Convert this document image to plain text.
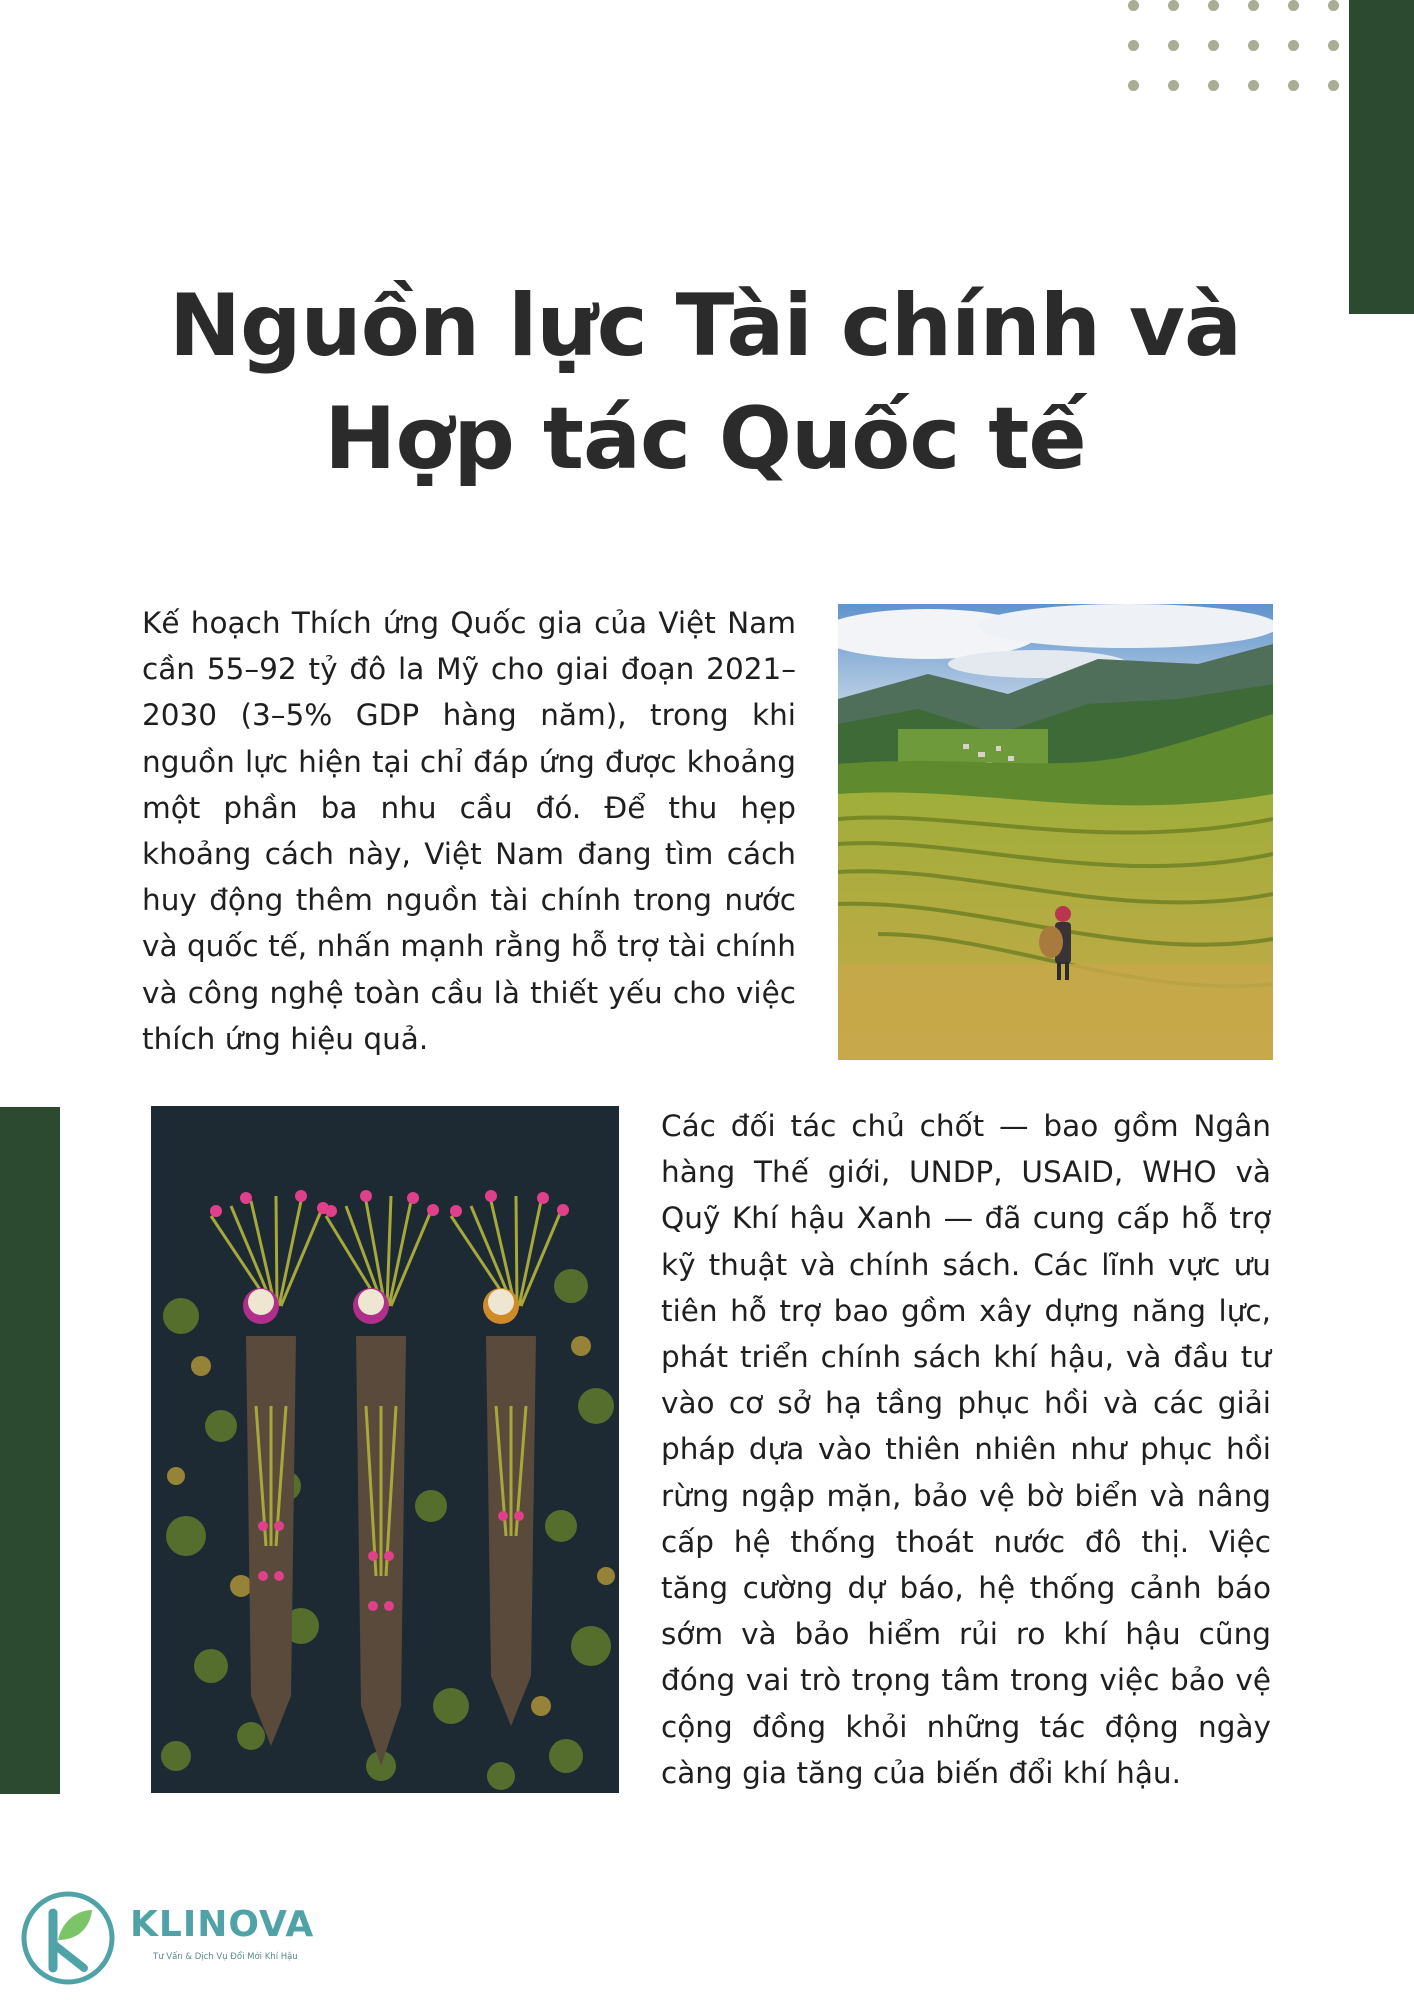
Nguồn lực Tài chính và
Hợp tác Quốc tế

Kế hoạch Thích ứng Quốc gia của Việt Nam cần 55–92 tỷ đô la Mỹ cho giai đoạn 2021–2030 (3–5% GDP hàng năm), trong khi nguồn lực hiện tại chỉ đáp ứng được khoảng một phần ba nhu cầu đó. Để thu hẹp khoảng cách này, Việt Nam đang tìm cách huy động thêm nguồn tài chính trong nước và quốc tế, nhấn mạnh rằng hỗ trợ tài chính và công nghệ toàn cầu là thiết yếu cho việc thích ứng hiệu quả.

Các đối tác chủ chốt — bao gồm Ngân hàng Thế giới, UNDP, USAID, WHO và Quỹ Khí hậu Xanh — đã cung cấp hỗ trợ kỹ thuật và chính sách. Các lĩnh vực ưu tiên hỗ trợ bao gồm xây dựng năng lực, phát triển chính sách khí hậu, và đầu tư vào cơ sở hạ tầng phục hồi và các giải pháp dựa vào thiên nhiên như phục hồi rừng ngập mặn, bảo vệ bờ biển và nâng cấp hệ thống thoát nước đô thị. Việc tăng cường dự báo, hệ thống cảnh báo sớm và bảo hiểm rủi ro khí hậu cũng đóng vai trò trọng tâm trong việc bảo vệ cộng đồng khỏi những tác động ngày càng gia tăng của biến đổi khí hậu.

KLINOVA
Tư Vấn & Dịch Vụ Đổi Mới Khí Hậu
